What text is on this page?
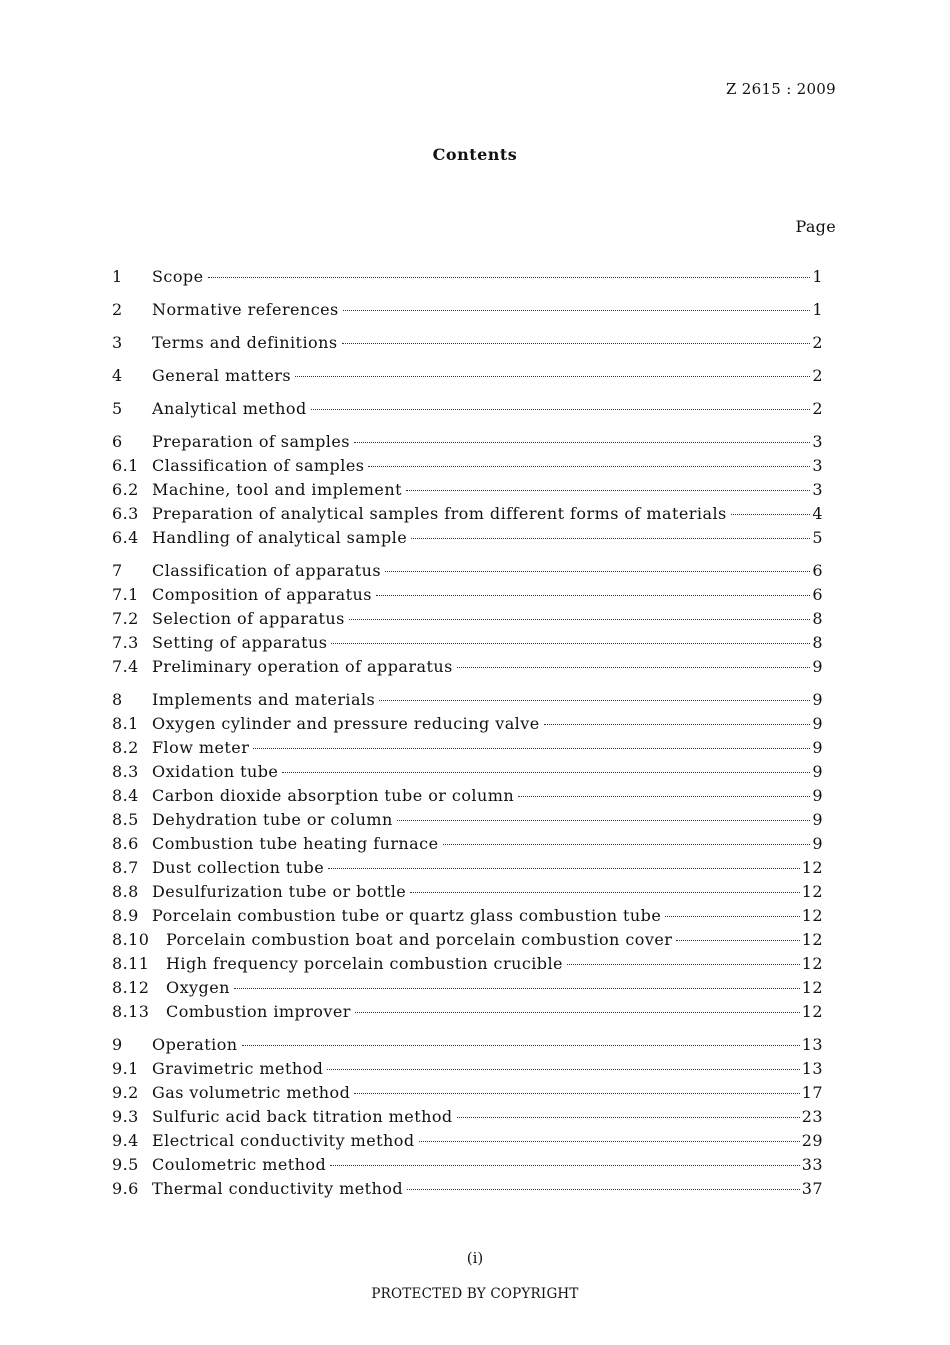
Z 2615 : 2009
Contents
Page
1	Scope	1
2	Normative references	1
3	Terms and definitions	2
4	General matters	2
5	Analytical method	2
6	Preparation of samples	3
6.1 Classification of samples	3
6.2 Machine, tool and implement	3
6.3 Preparation of analytical samples from different forms of materials	4
6.4 Handling of analytical sample	5
7	Classification of apparatus	6
7.1 Composition of apparatus	6
7.2 Selection of apparatus	8
7.3 Setting of apparatus	8
7.4 Preliminary operation of apparatus	9
8	Implements and materials	9
8.1 Oxygen cylinder and pressure reducing valve	9
8.2 Flow meter	9
8.3 Oxidation tube	9
8.4 Carbon dioxide absorption tube or column	9
8.5 Dehydration tube or column	9
8.6 Combustion tube heating furnace	9
8.7 Dust collection tube	12
8.8 Desulfurization tube or bottle	12
8.9 Porcelain combustion tube or quartz glass combustion tube	12
8.10	Porcelain combustion boat and porcelain combustion cover	12
8.11	High frequency porcelain combustion crucible	12
8.12	Oxygen	12
8.13	Combustion improver	12
9	Operation	13
9.1 Gravimetric method	13
9.2 Gas volumetric method	17
9.3 Sulfuric acid back titration method	23
9.4 Electrical conductivity method	29
9.5 Coulometric method	33
9.6 Thermal conductivity method	37
(i)
PROTECTED BY COPYRIGHT
